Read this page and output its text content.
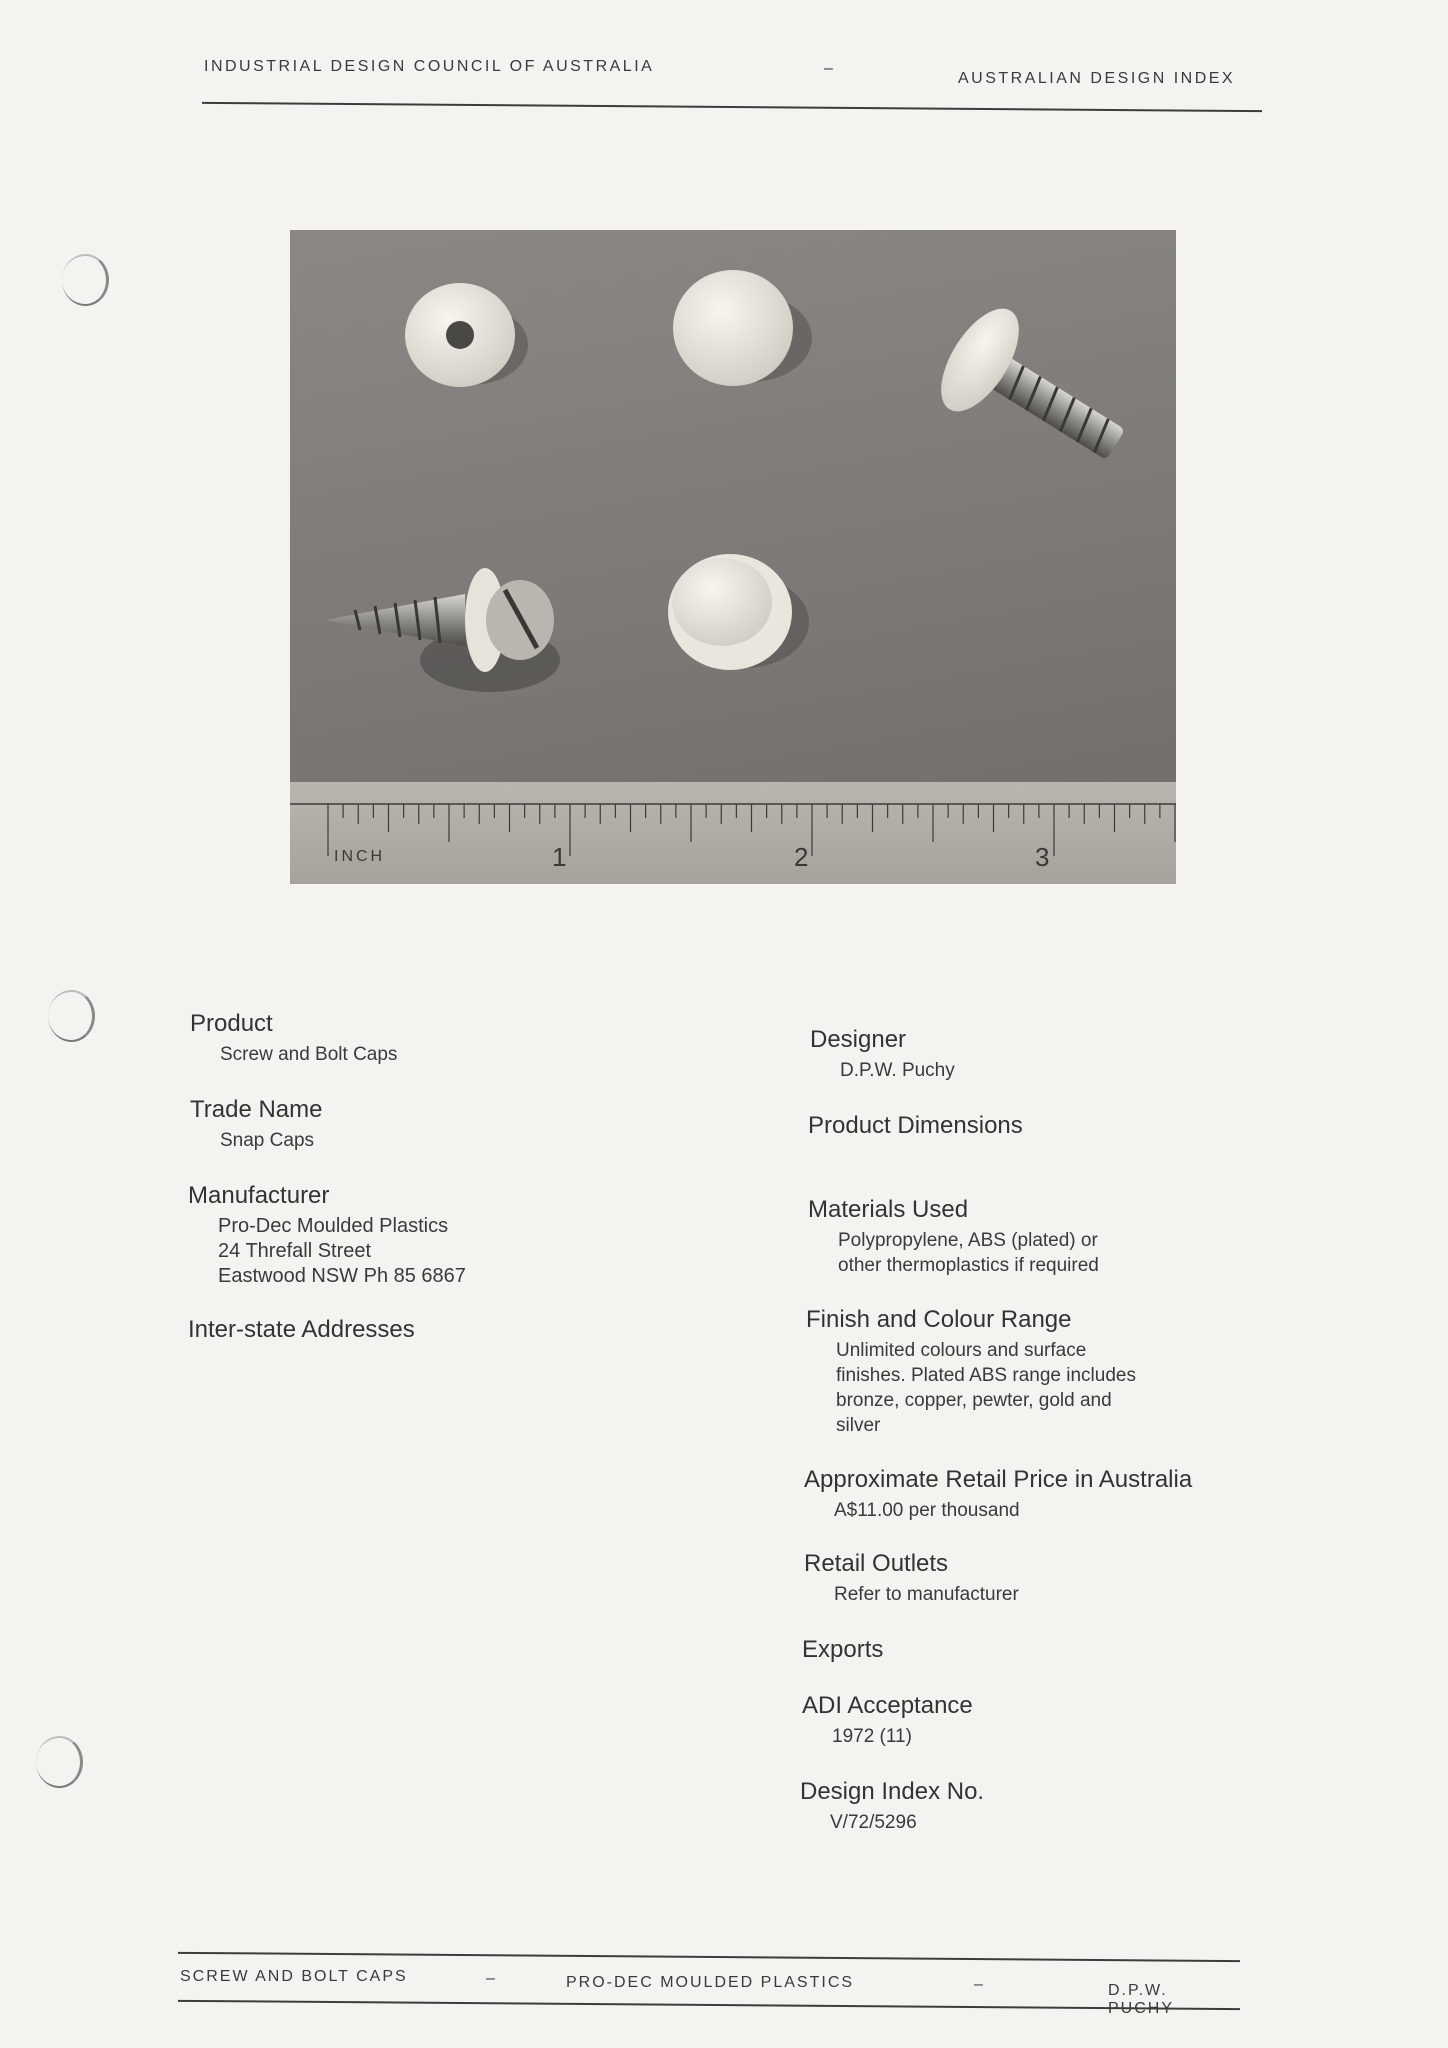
INDUSTRIAL DESIGN COUNCIL OF AUSTRALIA	–
AUSTRALIAN DESIGN INDEX
INCH	1	2	3
Product
Screw and Bolt Caps
Trade Name
Snap Caps
Manufacturer
Pro-Dec Moulded Plastics
24 Threfall Street
Eastwood NSW Ph 85 6867
Inter-state Addresses
Designer
D.P.W. Puchy
Product Dimensions
Materials Used
Polypropylene, ABS (plated) or
other thermoplastics if required
Finish and Colour Range
Unlimited colours and surface
finishes. Plated ABS range includes
bronze, copper, pewter, gold and
silver
Approximate Retail Price in Australia
A$11.00 per thousand
Retail Outlets
Refer to manufacturer
Exports
ADI Acceptance
1972 (11)
Design Index No.
V/72/5296
SCREW AND BOLT CAPS	–	PRO-DEC MOULDED PLASTICS	–	D.P.W. PUCHY
